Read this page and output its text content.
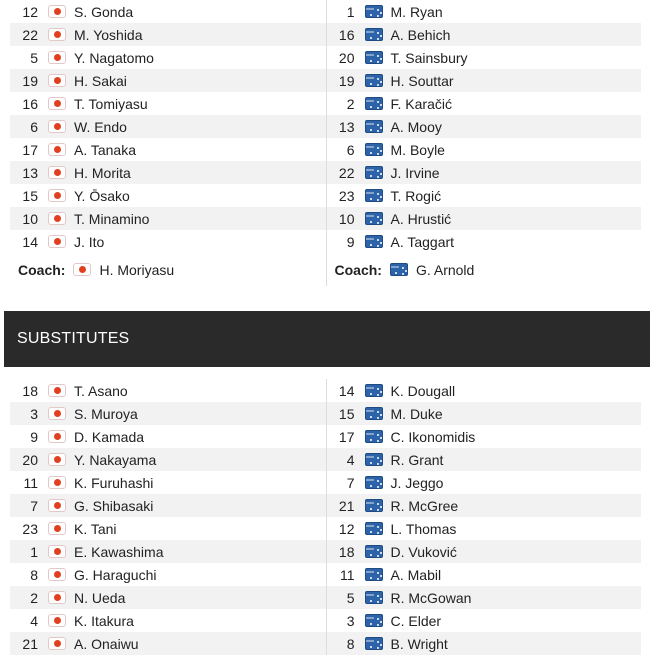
12	S. Gonda
22	M. Yoshida
5	Y. Nagatomo
19	H. Sakai
16	T. Tomiyasu
6	W. Endo
17	A. Tanaka
13	H. Morita
15	Y. Ōsako
10	T. Minamino
14	J. Ito
1	M. Ryan
16	A. Behich
20	T. Sainsbury
19	H. Souttar
2	F. Karačić
13	A. Mooy
6	M. Boyle
22	J. Irvine
23	T. Rogić
10	A. Hrustić
9	A. Taggart
Coach: H. Moriyasu	Coach: G. Arnold
SUBSTITUTES
18	T. Asano
3	S. Muroya
9	D. Kamada
20	Y. Nakayama
11	K. Furuhashi
7	G. Shibasaki
23	K. Tani
1	E. Kawashima
8	G. Haraguchi
2	N. Ueda
4	K. Itakura
21	A. Onaiwu
14	K. Dougall
15	M. Duke
17	C. Ikonomidis
4	R. Grant
7	J. Jeggo
21	R. McGree
12	L. Thomas
18	D. Vuković
11	A. Mabil
5	R. McGowan
3	C. Elder
8	B. Wright
